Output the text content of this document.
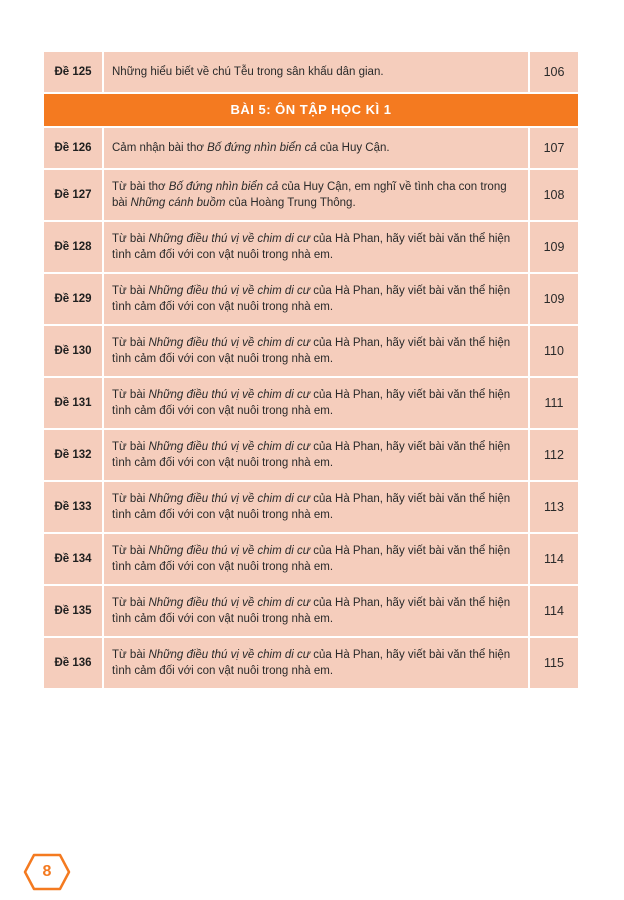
Đề 125	Những hiểu biết về chú Tễu trong sân khấu dân gian.	106
BÀI 5: ÔN TẬP HỌC KÌ 1		
Đề 126	Cảm nhận bài thơ Bố đứng nhìn biển cả của Huy Cận.	107
Đề 127	Từ bài thơ Bố đứng nhìn biển cả của Huy Cận, em nghĩ về tình cha con trong
bài Những cánh buồm của Hoàng Trung Thông.	108
Đề 128	Từ bài Những điều thú vị về chim di cư của Hà Phan, hãy viết bài văn thể hiện
tình cảm đối với con vật nuôi trong nhà em.	109
Đề 129	Từ bài Những điều thú vị về chim di cư của Hà Phan, hãy viết bài văn thể hiện
tình cảm đối với con vật nuôi trong nhà em.	109
Đề 130	Từ bài Những điều thú vị về chim di cư của Hà Phan, hãy viết bài văn thể hiện
tình cảm đối với con vật nuôi trong nhà em.	110
Đề 131	Từ bài Những điều thú vị về chim di cư của Hà Phan, hãy viết bài văn thể hiện
tình cảm đối với con vật nuôi trong nhà em.	111
Đề 132	Từ bài Những điều thú vị về chim di cư của Hà Phan, hãy viết bài văn thể hiện
tình cảm đối với con vật nuôi trong nhà em.	112
Đề 133	Từ bài Những điều thú vị về chim di cư của Hà Phan, hãy viết bài văn thể hiện
tình cảm đối với con vật nuôi trong nhà em.	113
Đề 134	Từ bài Những điều thú vị về chim di cư của Hà Phan, hãy viết bài văn thể hiện
tình cảm đối với con vật nuôi trong nhà em.	114
Đề 135	Từ bài Những điều thú vị về chim di cư của Hà Phan, hãy viết bài văn thể hiện
tình cảm đối với con vật nuôi trong nhà em.	114
Đề 136	Từ bài Những điều thú vị về chim di cư của Hà Phan, hãy viết bài văn thể hiện
tình cảm đối với con vật nuôi trong nhà em.	115
8
